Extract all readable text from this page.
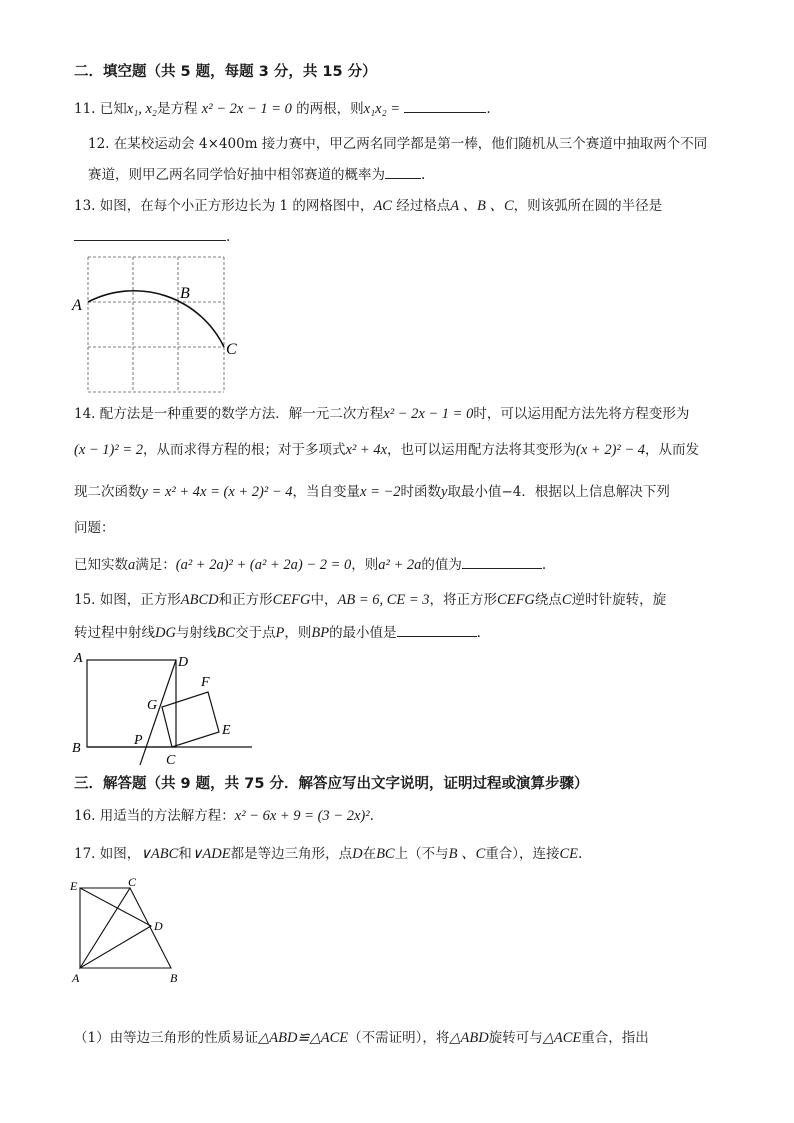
二．填空题（共 5 题，每题 3 分，共 15 分）
11. 已知x₁, x₂是方程 x² − 2x − 1 = 0 的两根，则x₁x₂ =	.
12. 在某校运动会 4×400m 接力赛中，甲乙两名同学都是第一棒，他们随机从三个赛道中抽取两个不同
赛道，则甲乙两名同学恰好抽中相邻赛道的概率为	.
13. 如图，在每个小正方形边长为 1 的网格图中，AC 经过格点A 、B 、C，则该弧所在圆的半径是
.
A
B
C
14. 配方法是一种重要的数学方法．解一元二次方程x² − 2x − 1 = 0时，可以运用配方法先将方程变形为
(x − 1)² = 2，从而求得方程的根；对于多项式x² + 4x，也可以运用配方法将其变形为(x + 2)² − 4，从而发
现二次函数y = x² + 4x = (x + 2)² − 4，当自变量x = −2时函数y取最小值−4．根据以上信息解决下列
问题：
已知实数a满足：(a² + 2a)² + (a² + 2a) − 2 = 0，则a² + 2a的值为	.
15. 如图，正方形ABCD和正方形CEFG中，AB = 6, CE = 3，将正方形CEFG绕点C逆时针旋转，旋
转过程中射线DG与射线BC交于点P，则BP的最小值是	.
A	D
F
G
E
B
P
C
三．解答题（共 9 题，共 75 分．解答应写出文字说明，证明过程或演算步骤）
16. 用适当的方法解方程：x² − 6x + 9 = (3 − 2x)².
17. 如图，∨ABC和∨ADE都是等边三角形，点D在BC上（不与B 、C重合），连接CE.
E	C
D
A	B
（1）由等边三角形的性质易证△ABD≌△ACE（不需证明），将△ABD旋转可与△ACE重合，指出
